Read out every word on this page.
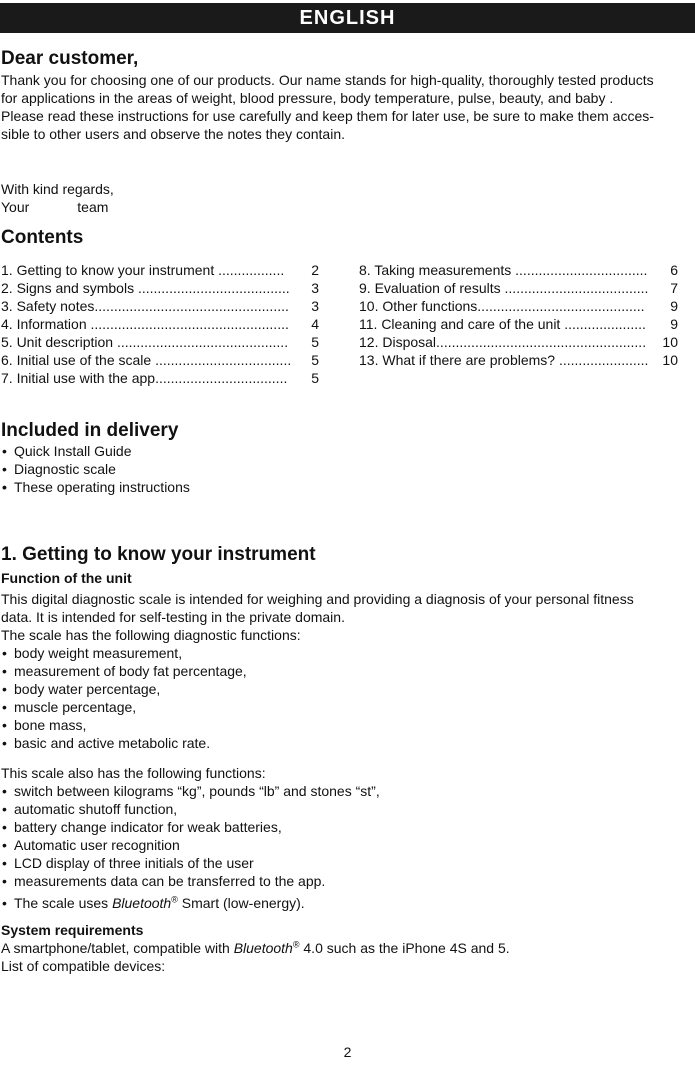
ENGLISH
Dear customer,

Thank you for choosing one of our products. Our name stands for high-quality, thoroughly tested products

for applications in the areas of weight, blood pressure, body temperature, pulse, beauty, and baby .

Please read these instructions for use carefully and keep them for later use, be sure to make them acces-

sible to other users and observe the notes they contain.

With kind regards,

Your	team

Contents
1. Getting to know your instrument ................. 2
2. Signs and symbols ....................................... 3
3. Safety notes.................................................. 3
4. Information ................................................... 4
5. Unit description ............................................ 5
6. Initial use of the scale ................................... 5
7. Initial use with the app.................................. 5
8. Taking measurements .................................. 6
9. Evaluation of results ..................................... 7
10. Other functions........................................... 9
11. Cleaning and care of the unit ..................... 9
12. Disposal...................................................... 10
13. What if there are problems? ....................... 10
Included in delivery
• Quick Install Guide
• Diagnostic scale
• These operating instructions
1. Getting to know your instrument
Function of the unit

This digital diagnostic scale is intended for weighing and providing a diagnosis of your personal fitness

data. It is intended for self-testing in the private domain.

The scale has the following diagnostic functions:

• body weight measurement,
• measurement of body fat percentage,
• body water percentage,
• muscle percentage,
• bone mass,
• basic and active metabolic rate.

This scale also has the following functions:

• switch between kilograms “kg”, pounds “lb” and stones “st”,
• automatic shutoff function,
• battery change indicator for weak batteries,
• Automatic user recognition
• LCD display of three initials of the user
• measurements data can be transferred to the app.
• The scale uses Bluetooth® Smart (low-energy).
System requirements

A smartphone/tablet, compatible with Bluetooth® 4.0 such as the iPhone 4S and 5.

List of compatible devices:

2
